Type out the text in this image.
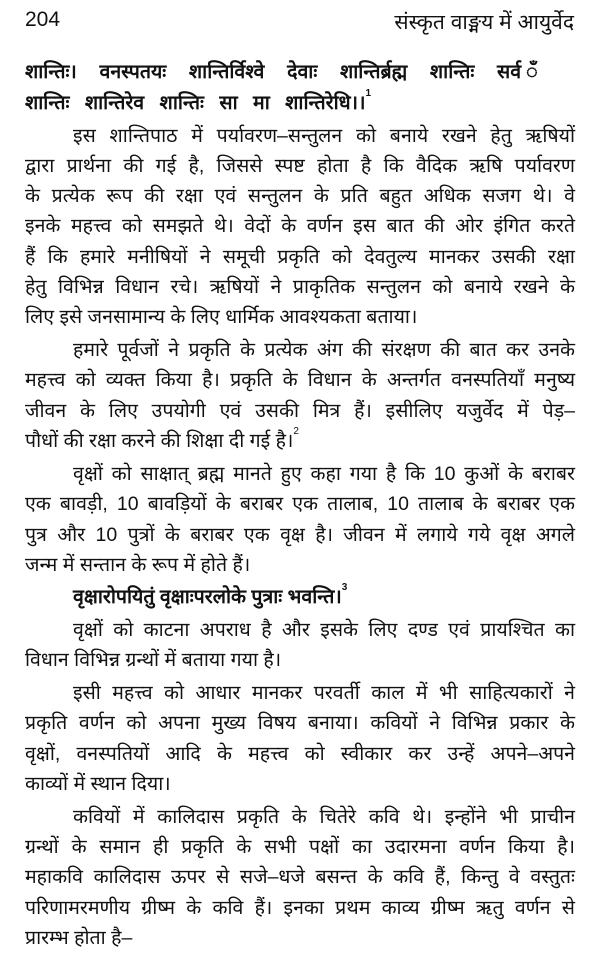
204	संस्कृत वाङ्मय में आयुर्वेद
शान्तिः। वनस्पतयः शान्तिर्विश्वे देवाः शान्तिर्ब्रह्म शान्तिः सर्व ँ
शान्तिः शान्तिरेव शान्तिः सा मा शान्तिरेधि।।$^1$
इस शान्तिपाठ में पर्यावरण–सन्तुलन को बनाये रखने हेतु ऋषियों
द्वारा प्रार्थना की गई है, जिससे स्पष्ट होता है कि वैदिक ऋषि पर्यावरण
के प्रत्येक रूप की रक्षा एवं सन्तुलन के प्रति बहुत अधिक सजग थे। वे
इनके महत्त्व को समझते थे। वेदों के वर्णन इस बात की ओर इंगित करते
हैं कि हमारे मनीषियों ने समूची प्रकृति को देवतुल्य मानकर उसकी रक्षा
हेतु विभिन्न विधान रचे। ऋषियों ने प्राकृतिक सन्तुलन को बनाये रखने के
लिए इसे जनसामान्य के लिए धार्मिक आवश्यकता बताया।
हमारे पूर्वजों ने प्रकृति के प्रत्येक अंग की संरक्षण की बात कर उनके
महत्त्व को व्यक्त किया है। प्रकृति के विधान के अन्तर्गत वनस्पतियाँ मनुष्य
जीवन के लिए उपयोगी एवं उसकी मित्र हैं। इसीलिए यजुर्वेद में पेड़–
पौधों की रक्षा करने की शिक्षा दी गई है।$^2$
वृक्षों को साक्षात् ब्रह्म मानते हुए कहा गया है कि 10 कुओं के बराबर
एक बावड़ी, 10 बावड़ियों के बराबर एक तालाब, 10 तालाब के बराबर एक
पुत्र और 10 पुत्रों के बराबर एक वृक्ष है। जीवन में लगाये गये वृक्ष अगले
जन्म में सन्तान के रूप में होते हैं।
वृक्षारोपयितुं वृक्षाःपरलोके पुत्राः भवन्ति।$^3$
वृक्षों को काटना अपराध है और इसके लिए दण्ड एवं प्रायश्चित का
विधान विभिन्न ग्रन्थों में बताया गया है।
इसी महत्त्व को आधार मानकर परवर्ती काल में भी साहित्यकारों ने
प्रकृति वर्णन को अपना मुख्य विषय बनाया। कवियों ने विभिन्न प्रकार के
वृक्षों, वनस्पतियों आदि के महत्त्व को स्वीकार कर उन्हें अपने–अपने
काव्यों में स्थान दिया।
कवियों में कालिदास प्रकृति के चितेरे कवि थे। इन्होंने भी प्राचीन
ग्रन्थों के समान ही प्रकृति के सभी पक्षों का उदारमना वर्णन किया है।
महाकवि कालिदास ऊपर से सजे–धजे बसन्त के कवि हैं, किन्तु वे वस्तुतः
परिणामरमणीय ग्रीष्म के कवि हैं। इनका प्रथम काव्य ग्रीष्म ऋतु वर्णन से
प्रारम्भ होता है–
